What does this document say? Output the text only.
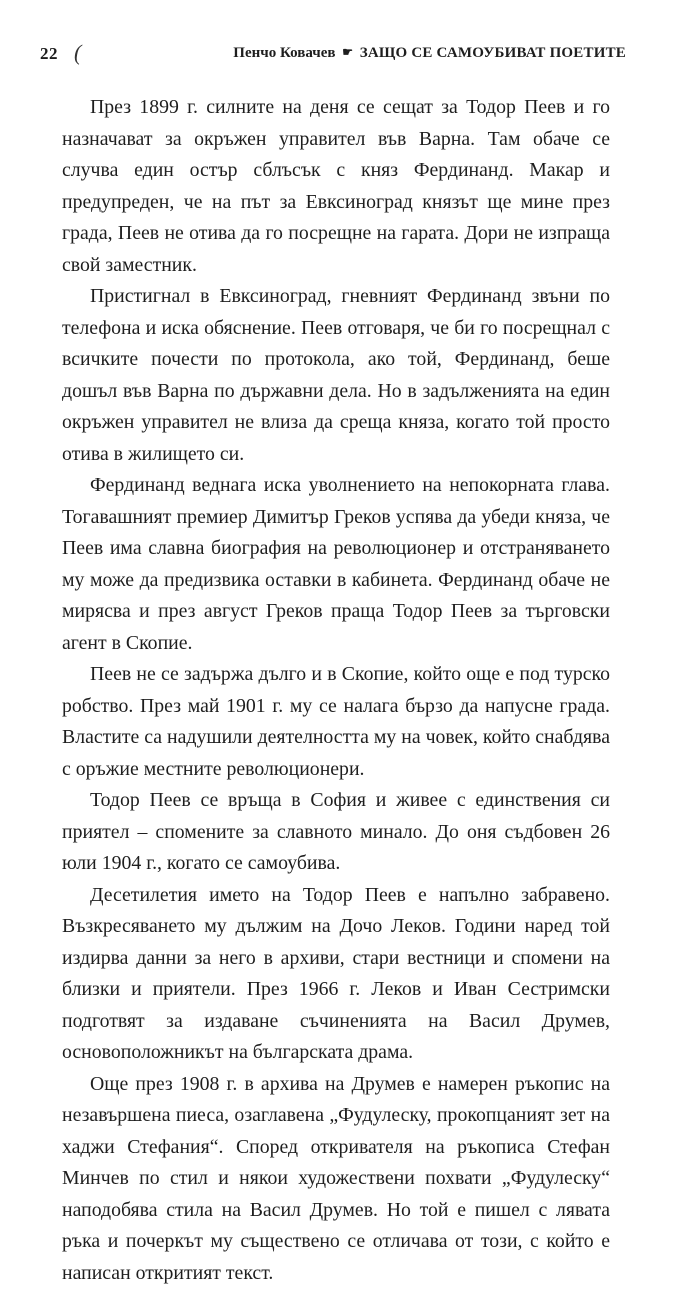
22 (	Пенчо Ковачев ☛ ЗАЩО СЕ САМОУБИВАТ ПОЕТИТЕ

През 1899 г. силните на деня се сещат за Тодор Пеев и го назначават за окръжен управител във Варна. Там обаче се случва един остър сблъсък с княз Фердинанд. Макар и предупреден, че на път за Евксиноград князът ще мине през града, Пеев не отива да го посрещне на гарата. Дори не изпраща свой заместник.

Пристигнал в Евксиноград, гневният Фердинанд звъни по телефона и иска обяснение. Пеев отговаря, че би го посрещнал с всичките почести по протокола, ако той, Фердинанд, беше дошъл във Варна по държавни дела. Но в задълженията на един окръжен управител не влиза да среща княза, когато той просто отива в жилището си.

Фердинанд веднага иска уволнението на непокорната глава. Тогавашният премиер Димитър Греков успява да убеди княза, че Пеев има славна биография на революционер и отстраняването му може да предизвика оставки в кабинета. Фердинанд обаче не мирясва и през август Греков праща Тодор Пеев за търговски агент в Скопие.

Пеев не се задържа дълго и в Скопие, който още е под турско робство. През май 1901 г. му се налага бързо да напусне града. Властите са надушили деятелността му на човек, който снабдява с оръжие местните революционери.

Тодор Пеев се връща в София и живее с единствения си приятел – спомените за славното минало. До оня съдбовен 26 юли 1904 г., когато се самоубива.

Десетилетия името на Тодор Пеев е напълно забравено. Възкресяването му дължим на Дочо Леков. Години наред той издирва данни за него в архиви, стари вестници и спомени на близки и приятели. През 1966 г. Леков и Иван Сестримски подготвят за издаване съчиненията на Васил Друмев, основоположникът на българската драма.

Още през 1908 г. в архива на Друмев е намерен ръкопис на незавършена пиеса, озаглавена „Фудулеску, прокопцаният зет на хаджи Стефания“. Според откривателя на ръкописа Стефан Минчев по стил и някои художествени похвати „Фудулеску“ наподобява стила на Васил Друмев. Но той е пишел с лявата ръка и почеркът му съществено се отличава от този, с който е написан откритият текст.
